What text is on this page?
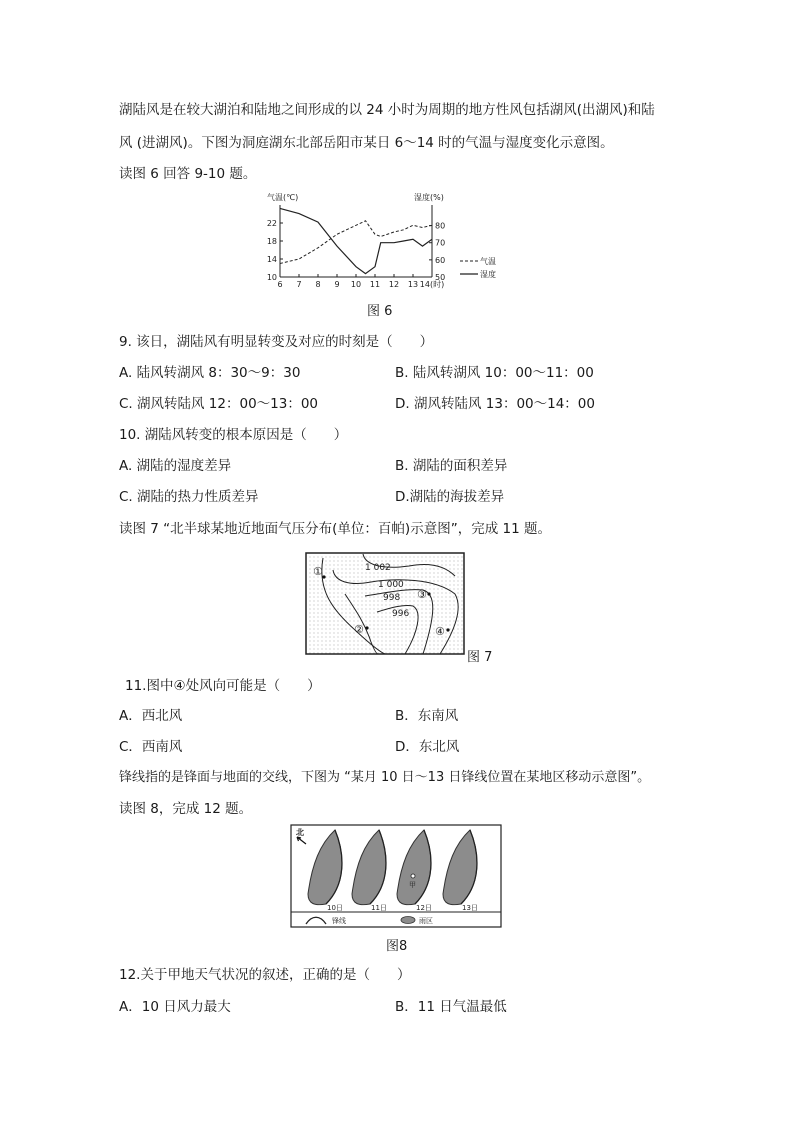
湖陆风是在较大湖泊和陆地之间形成的以 24 小时为周期的地方性风包括湖风(出湖风)和陆
风 (进湖风)。下图为洞庭湖东北部岳阳市某日 6～14 时的气温与湿度变化示意图。
读图 6 回答 9-10 题。
气温(℃)	湿度(%)
22
18
14
10
80
70
60
50
6 7 8 9 10 11 12 13 14(时)
气温
湿度
图 6
9. 该日，湖陆风有明显转变及对应的时刻是（　　）
A. 陆风转湖风 8：30～9：30	B. 陆风转湖风 10：00～11：00
C. 湖风转陆风 12：00～13：00	D. 湖风转陆风 13：00～14：00
10. 湖陆风转变的根本原因是（　　）
A. 湖陆的湿度差异	B. 湖陆的面积差异
C. 湖陆的热力性质差异	D.湖陆的海拔差异
读图 7 “北半球某地近地面气压分布(单位：百帕)示意图”，完成 11 题。
1 002
1 000
998
996
①
②
③
④
图 7
11.图中④处风向可能是（　　）
A．西北风	B．东南风
C．西南风	D．东北风
锋线指的是锋面与地面的交线，下图为 “某月 10 日～13 日锋线位置在某地区移动示意图”。
读图 8，完成 12 题。
北
10日	11日
甲
12日	13日
锋线	雨区
图8
12.关于甲地天气状况的叙述，正确的是（　　）
A．10 日风力最大	B．11 日气温最低
